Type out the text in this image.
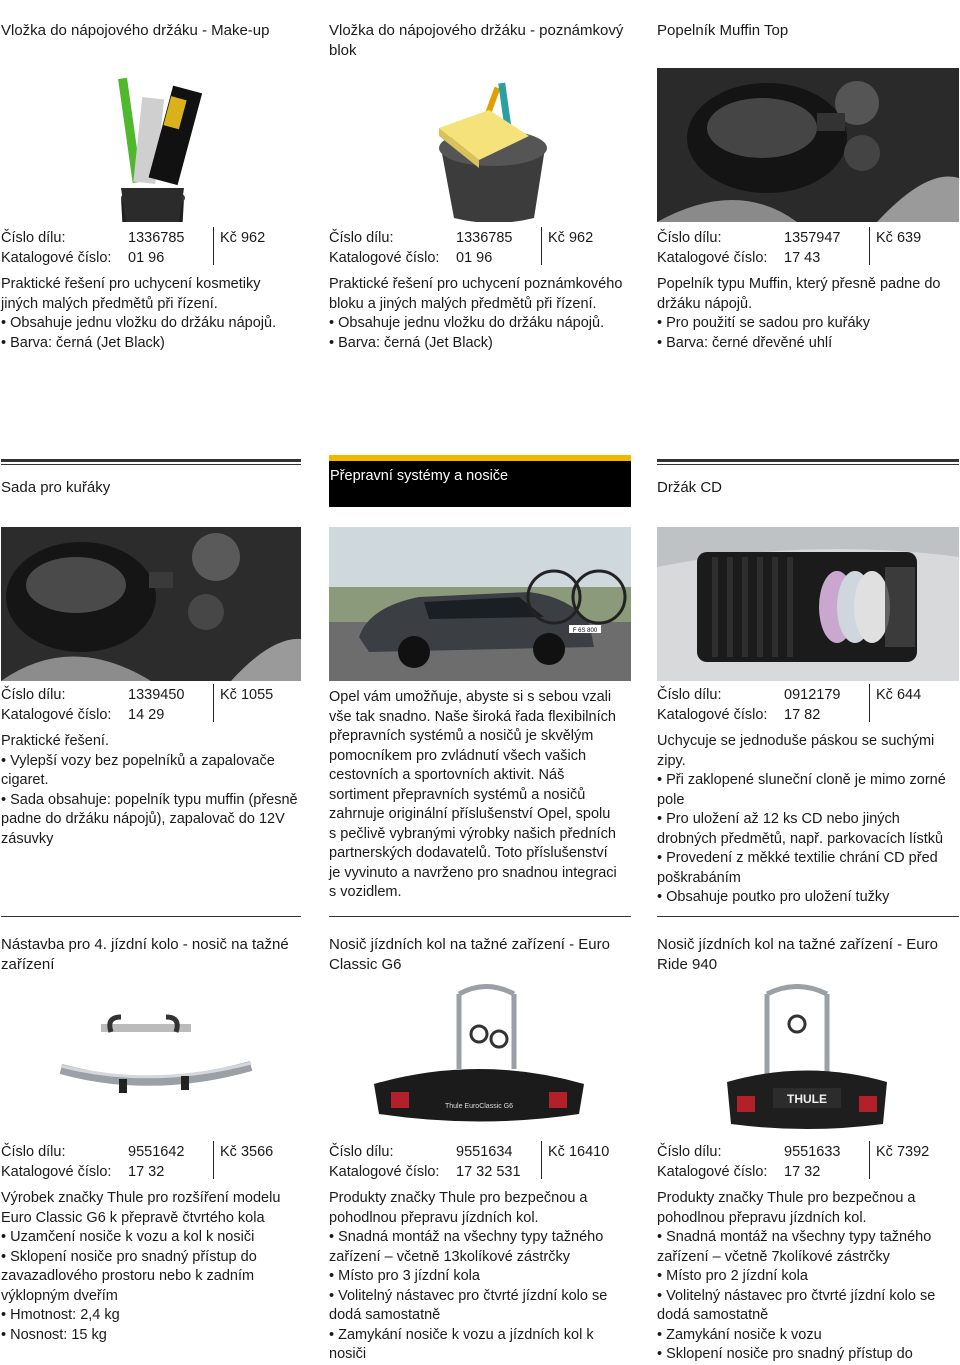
Vložka do nápojového držáku - Make-up
Číslo dílu:	1336785
Katalogové číslo: 01 96
Kč 962

Praktické řešení pro uchycení kosmetiky jiných malých předmětů při řízení.

• Obsahuje jednu vložku do držáku nápojů.

• Barva: černá (Jet Black)

Vložka do nápojového držáku - poznámkový blok
Číslo dílu:	1336785
Katalogové číslo: 01 96
Kč 962

Praktické řešení pro uchycení poznámkového bloku a jiných malých předmětů při řízení.

• Obsahuje jednu vložku do držáku nápojů.

• Barva: černá (Jet Black)

Popelník Muffin Top
Číslo dílu:	1357947
Katalogové číslo: 17 43
Kč 639

Popelník typu Muffin, který přesně padne do držáku nápojů.

• Pro použití se sadou pro kuřáky

• Barva: černé dřevěné uhlí

Přepravní systémy a nosiče
Sada pro kuřáky
Číslo dílu:	1339450
Katalogové číslo: 14 29
Kč 1055

Praktické řešení.

• Vylepší vozy bez popelníků a zapalovače cigaret.

• Sada obsahuje: popelník typu muffin (přesně padne do držáku nápojů), zapalovač do 12V zásuvky

F 6S 800

Opel vám umožňuje, abyste si s sebou vzali vše tak snadno. Naše široká řada flexibilních přepravních systémů a nosičů je skvělým pomocníkem pro zvládnutí všech vašich cestovních a sportovních aktivit. Náš sortiment přepravních systémů a nosičů zahrnuje originální příslušenství Opel, spolu s pečlivě vybranými výrobky našich předních partnerských dodavatelů. Toto příslušenství je vyvinuto a navrženo pro snadnou integraci s vozidlem.

Držák CD
Číslo dílu:	0912179
Katalogové číslo: 17 82
Kč 644

Uchycuje se jednoduše páskou se suchými zipy.

• Při zaklopené sluneční cloně je mimo zorné pole

• Pro uložení až 12 ks CD nebo jiných drobných předmětů, např. parkovacích lístků

• Provedení z měkké textilie chrání CD před poškrabáním

• Obsahuje poutko pro uložení tužky

Nástavba pro 4. jízdní kolo - nosič na tažné zařízení
Číslo dílu:	9551642
Katalogové číslo: 17 32
Kč 3566

Výrobek značky Thule pro rozšíření modelu Euro Classic G6 k přepravě čtvrtého kola

• Uzamčení nosiče k vozu a kol k nosiči

• Sklopení nosiče pro snadný přístup do zavazadlového prostoru nebo k zadním výklopným dveřím

• Hmotnost: 2,4 kg

• Nosnost: 15 kg

Nosič jízdních kol na tažné zařízení - Euro Classic G6
Thule EuroClassic G6
Číslo dílu:	9551634
Katalogové číslo: 17 32 531
Kč 16410

Produkty značky Thule pro bezpečnou a pohodlnou přepravu jízdních kol.

• Snadná montáž na všechny typy tažného zařízení – včetně 13kolíkové zástrčky

• Místo pro 3 jízdní kola

• Volitelný nástavec pro čtvrté jízdní kolo se dodá samostatně

• Zamykání nosiče k vozu a jízdních kol k nosiči

Nosič jízdních kol na tažné zařízení - Euro Ride 940
THULE
Číslo dílu:	9551633
Katalogové číslo: 17 32
Kč 7392

Produkty značky Thule pro bezpečnou a pohodlnou přepravu jízdních kol.

• Snadná montáž na všechny typy tažného zařízení – včetně 7kolíkové zástrčky

• Místo pro 2 jízdní kola

• Volitelný nástavec pro čtvrté jízdní kolo se dodá samostatně

• Zamykání nosiče k vozu

• Sklopení nosiče pro snadný přístup do
